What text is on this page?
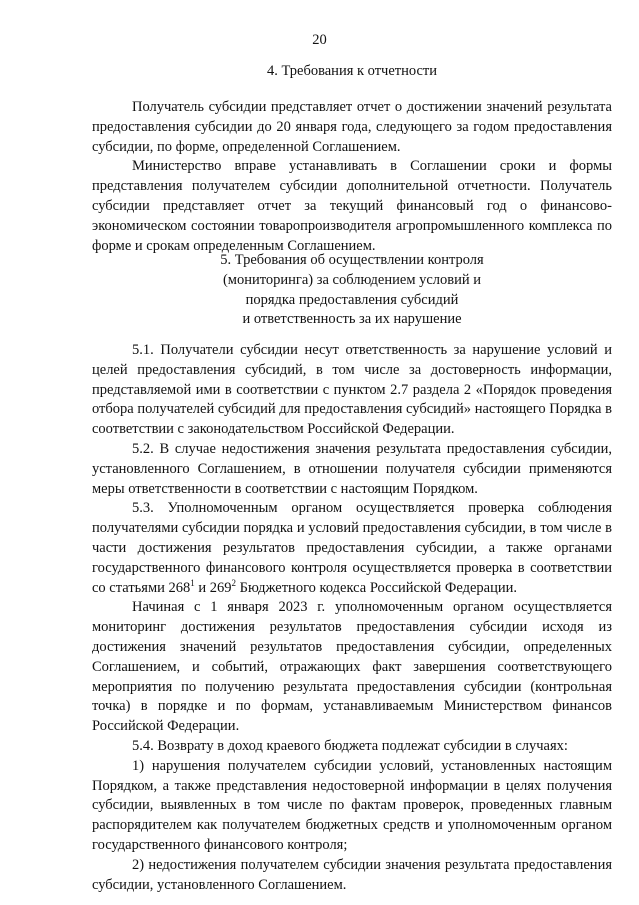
20

4. Требования к отчетности

Получатель субсидии представляет отчет о достижении значений результата предоставления субсидии до 20 января года, следующего за годом предоставления субсидии, по форме, определенной Соглашением.

Министерство вправе устанавливать в Соглашении сроки и формы представления получателем субсидии дополнительной отчетности. Получатель субсидии представляет отчет за текущий финансовый год о финансово-экономическом состоянии товаропроизводителя агропромышленного комплекса по форме и срокам определенным Соглашением.

5. Требования об осуществлении контроля

(мониторинга) за соблюдением условий и

порядка предоставления субсидий

и ответственность за их нарушение

5.1. Получатели субсидии несут ответственность за нарушение условий и целей предоставления субсидий, в том числе за достоверность информации, представляемой ими в соответствии с пунктом 2.7 раздела 2 «Порядок проведения отбора получателей субсидий для предоставления субсидий» настоящего Порядка в соответствии с законодательством Российской Федерации.

5.2. В случае недостижения значения результата предоставления субсидии, установленного Соглашением, в отношении получателя субсидии применяются меры ответственности в соответствии с настоящим Порядком.

5.3. Уполномоченным органом осуществляется проверка соблюдения получателями субсидии порядка и условий предоставления субсидии, в том числе в части достижения результатов предоставления субсидии, а также органами государственного финансового контроля осуществляется проверка в соответствии со статьями $268^1$ и $269^2$ Бюджетного кодекса Российской Федерации.

Начиная с 1 января 2023 г. уполномоченным органом осуществляется мониторинг достижения результатов предоставления субсидии исходя из достижения значений результатов предоставления субсидии, определенных Соглашением, и событий, отражающих факт завершения соответствующего мероприятия по получению результата предоставления субсидии (контрольная точка) в порядке и по формам, устанавливаемым Министерством финансов Российской Федерации.

5.4. Возврату в доход краевого бюджета подлежат субсидии в случаях:

1) нарушения получателем субсидии условий, установленных настоящим Порядком, а также представления недостоверной информации в целях получения субсидии, выявленных в том числе по фактам проверок, проведенных главным распорядителем как получателем бюджетных средств и уполномоченным органом государственного финансового контроля;

2) недостижения получателем субсидии значения результата предоставления субсидии, установленного Соглашением.
